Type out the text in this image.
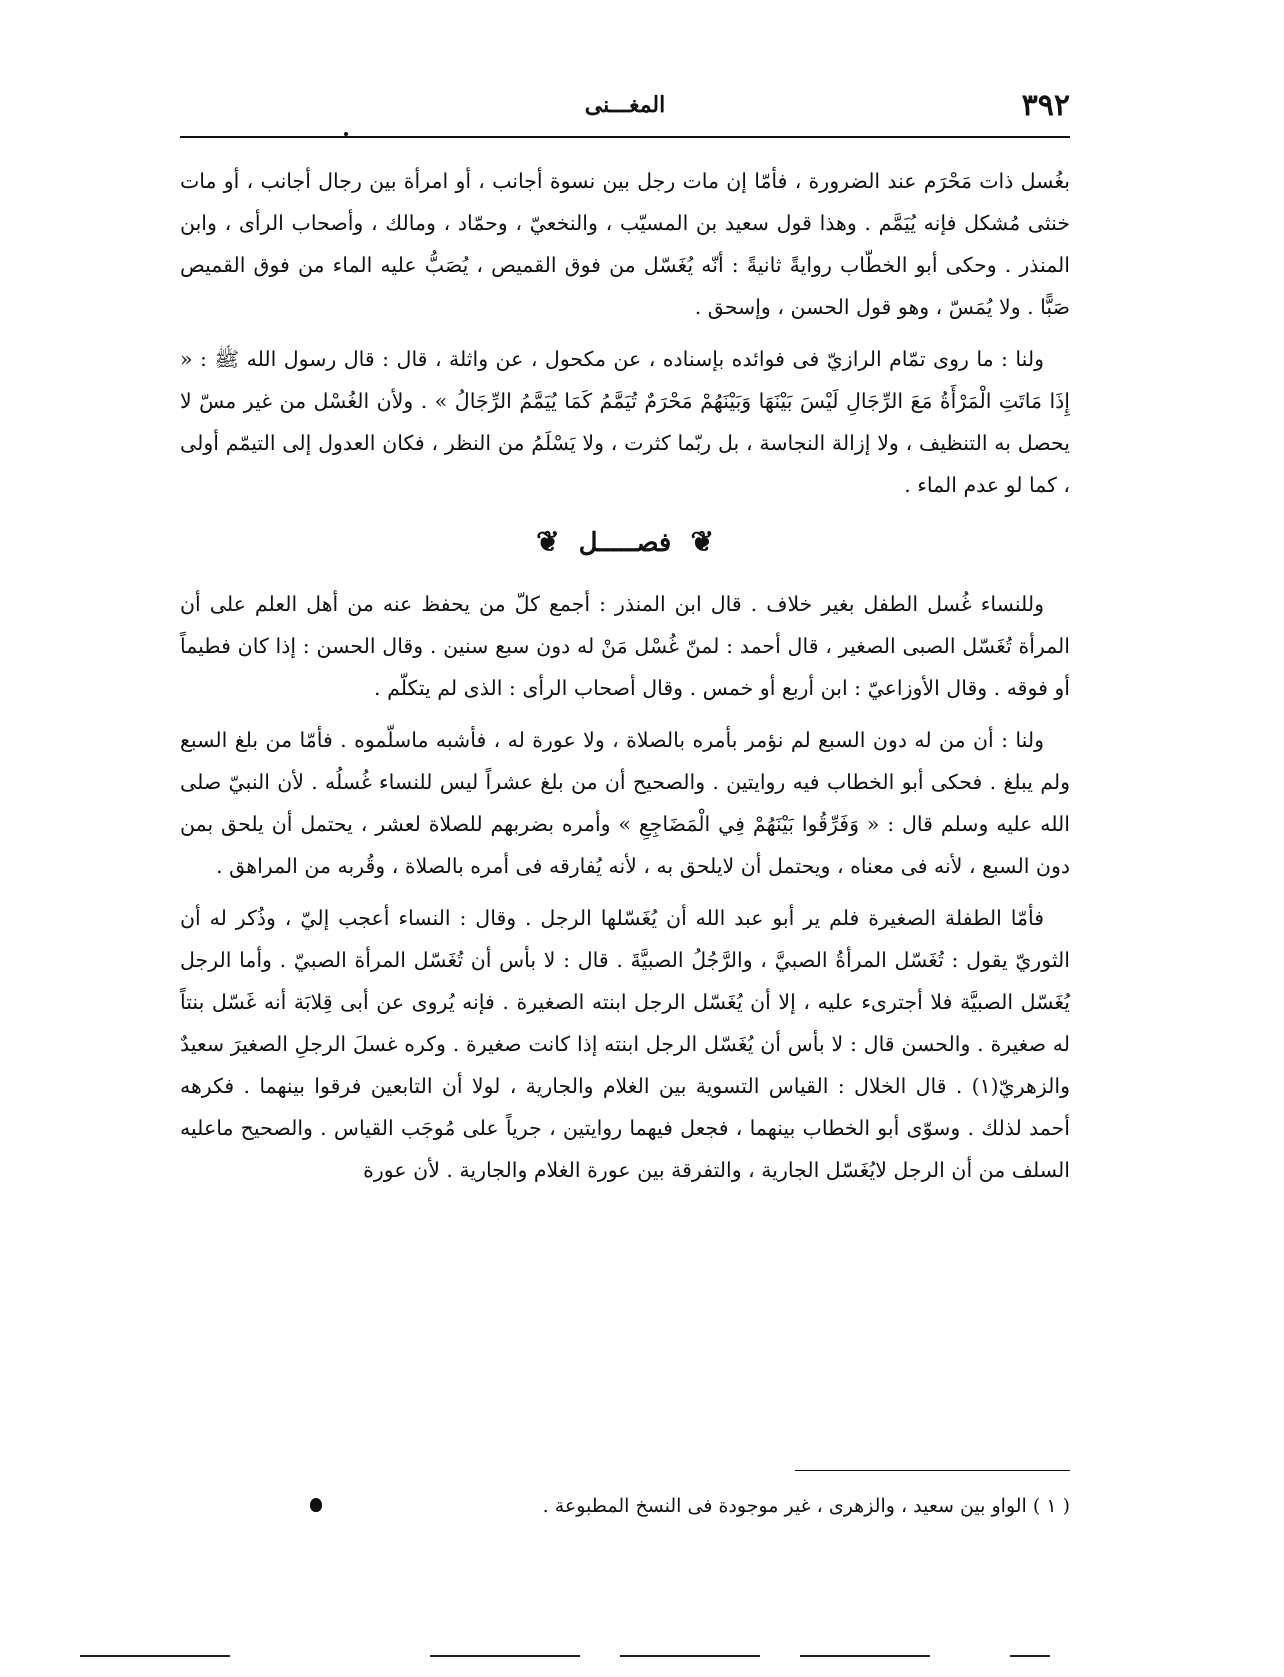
٣٩٢
المغـــنى

بغُسل ذات مَحْرَم عند الضرورة ، فأمّا إن مات رجل بين نسوة أجانب ، أو امرأة بين رجال أجانب ، أو مات خنثى مُشكل فإنه يُيَمَّم . وهذا قول سعيد بن المسيّب ، والنخعيّ ، وحمّاد ، ومالك ، وأصحاب الرأى ، وابن المنذر . وحكى أبو الخطّاب روايةً ثانيةً : أنّه يُغَسّل من فوق القميص ، يُصَبُّ عليه الماء من فوق القميص صَبًّا . ولا يُمَسّ ، وهو قول الحسن ، وإسحق .

ولنا : ما روى تمّام الرازيّ فى فوائده بإسناده ، عن مكحول ، عن واثلة ، قال : قال رسول الله ﷺ : « إِذَا مَاتَتِ الْمَرْأَةُ مَعَ الرِّجَالِ لَيْسَ بَيْنَهَا وَبَيْنَهُمْ مَحْرَمٌ تُيَمَّمُ كَمَا يُيَمَّمُ الرِّجَالُ » . ولأن الغُسْل من غير مسّ لا يحصل به التنظيف ، ولا إزالة النجاسة ، بل ربّما كثرت ، ولا يَسْلَمُ من النظر ، فكان العدول إلى التيمّم أولى ، كما لو عدم الماء .

❦ فصـــــل ❦

وللنساء غُسل الطفل بغير خلاف . قال ابن المنذر : أجمع كلّ من يحفظ عنه من أهل العلم على أن المرأة تُغَسّل الصبى الصغير ، قال أحمد : لمنّ غُسْل مَنْ له دون سبع سنين . وقال الحسن : إذا كان فطيماً أو فوقه . وقال الأوزاعيّ : ابن أربع أو خمس . وقال أصحاب الرأى : الذى لم يتكلّم .

ولنا : أن من له دون السبع لم نؤمر بأمره بالصلاة ، ولا عورة له ، فأشبه ماسلّموه . فأمّا من بلغ السبع ولم يبلغ . فحكى أبو الخطاب فيه روايتين . والصحيح أن من بلغ عشراً ليس للنساء غُسلُه . لأن النبيّ صلى الله عليه وسلم قال : « وَفَرِّقُوا بَيْنَهُمْ فِي الْمَضَاجِعِ » وأمره بضربهم للصلاة لعشر ، يحتمل أن يلحق بمن دون السبع ، لأنه فى معناه ، ويحتمل أن لايلحق به ، لأنه يُفارقه فى أمره بالصلاة ، وقُربه من المراهق .

فأمّا الطفلة الصغيرة فلم ير أبو عبد الله أن يُغَسّلها الرجل . وقال : النساء أعجب إليّ ، وذُكر له أن الثوريّ يقول : تُغَسّل المرأةُ الصبيَّ ، والرَّجُلُ الصبيَّةَ . قال : لا بأس أن تُغَسّل المرأة الصبيّ . وأما الرجل يُغَسّل الصبيَّة فلا أجترىء عليه ، إلا أن يُغَسّل الرجل ابنته الصغيرة . فإنه يُروى عن أبى قِلابَة أنه غَسّل بنتاً له صغيرة . والحسن قال : لا بأس أن يُغَسّل الرجل ابنته إذا كانت صغيرة . وكره غسلَ الرجلِ الصغيرَ سعيدٌ والزهريّ(١) . قال الخلال : القياس التسوية بين الغلام والجارية ، لولا أن التابعين فرقوا بينهما . فكرهه أحمد لذلك . وسوّى أبو الخطاب بينهما ، فجعل فيهما روايتين ، جرياً على مُوجَب القياس . والصحيح ماعليه السلف من أن الرجل لايُغَسّل الجارية ، والتفرقة بين عورة الغلام والجارية . لأن عورة

( ١ ) الواو بين سعيد ، والزهرى ، غير موجودة فى النسخ المطبوعة .
